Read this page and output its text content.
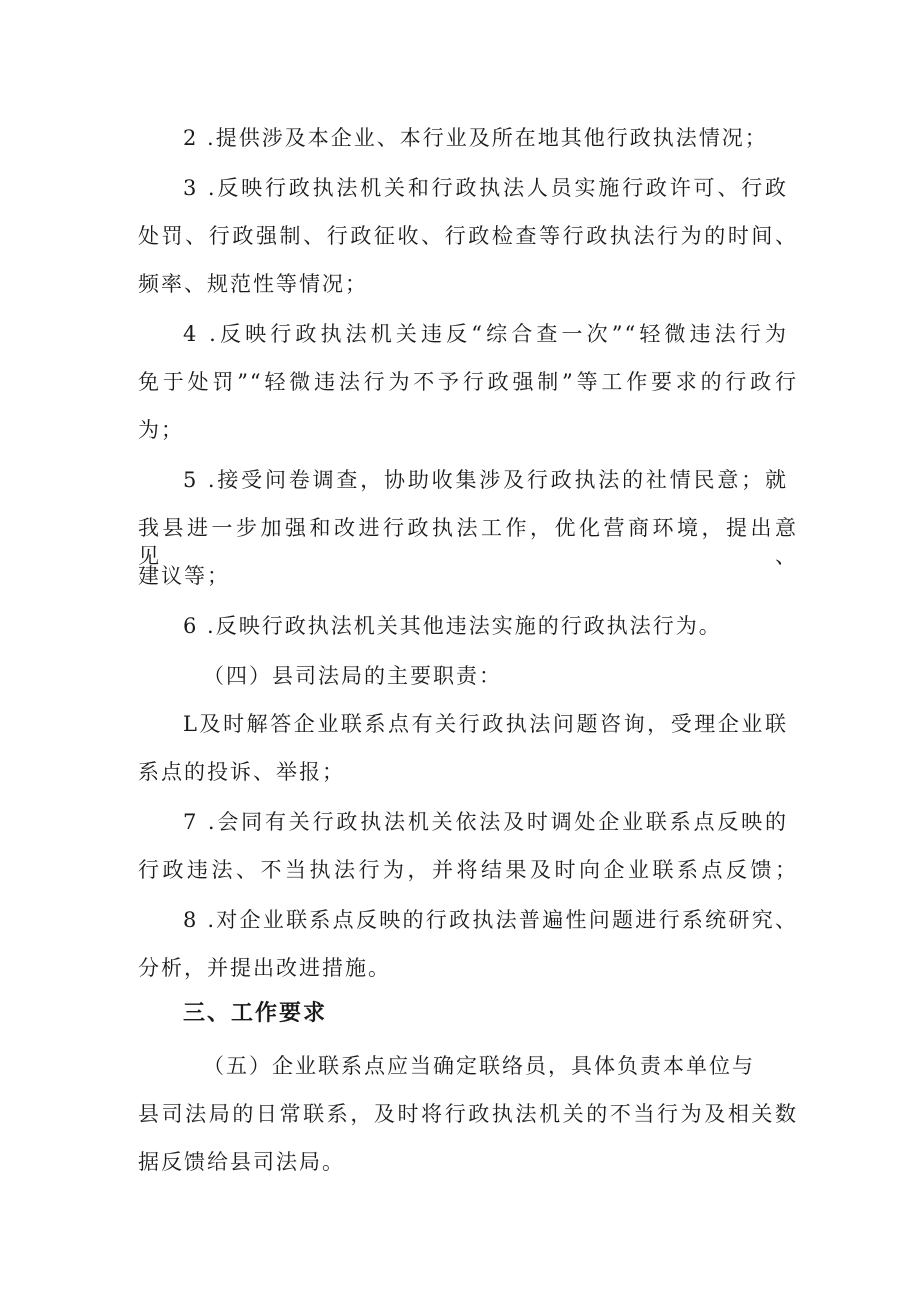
2 .提供涉及本企业、本行业及所在地其他行政执法情况；
3 .反映行政执法机关和行政执法人员实施行政许可、行政
处罚、行政强制、行政征收、行政检查等行政执法行为的时间、
频率、规范性等情况；
4 .反映行政执法机关违反“综合查一次”“轻微违法行为
免于处罚”“轻微违法行为不予行政强制”等工作要求的行政行
为；
5 .接受问卷调查，协助收集涉及行政执法的社情民意；就
我县进一步加强和改进行政执法工作，优化营商环境，提出意见、
建议等；
6 .反映行政执法机关其他违法实施的行政执法行为。
（四）县司法局的主要职责：
L及时解答企业联系点有关行政执法问题咨询，受理企业联
系点的投诉、举报；
7 .会同有关行政执法机关依法及时调处企业联系点反映的
行政违法、不当执法行为，并将结果及时向企业联系点反馈；
8 .对企业联系点反映的行政执法普遍性问题进行系统研究、
分析，并提出改进措施。
三、工作要求
（五）企业联系点应当确定联络员，具体负责本单位与
县司法局的日常联系，及时将行政执法机关的不当行为及相关数
据反馈给县司法局。
